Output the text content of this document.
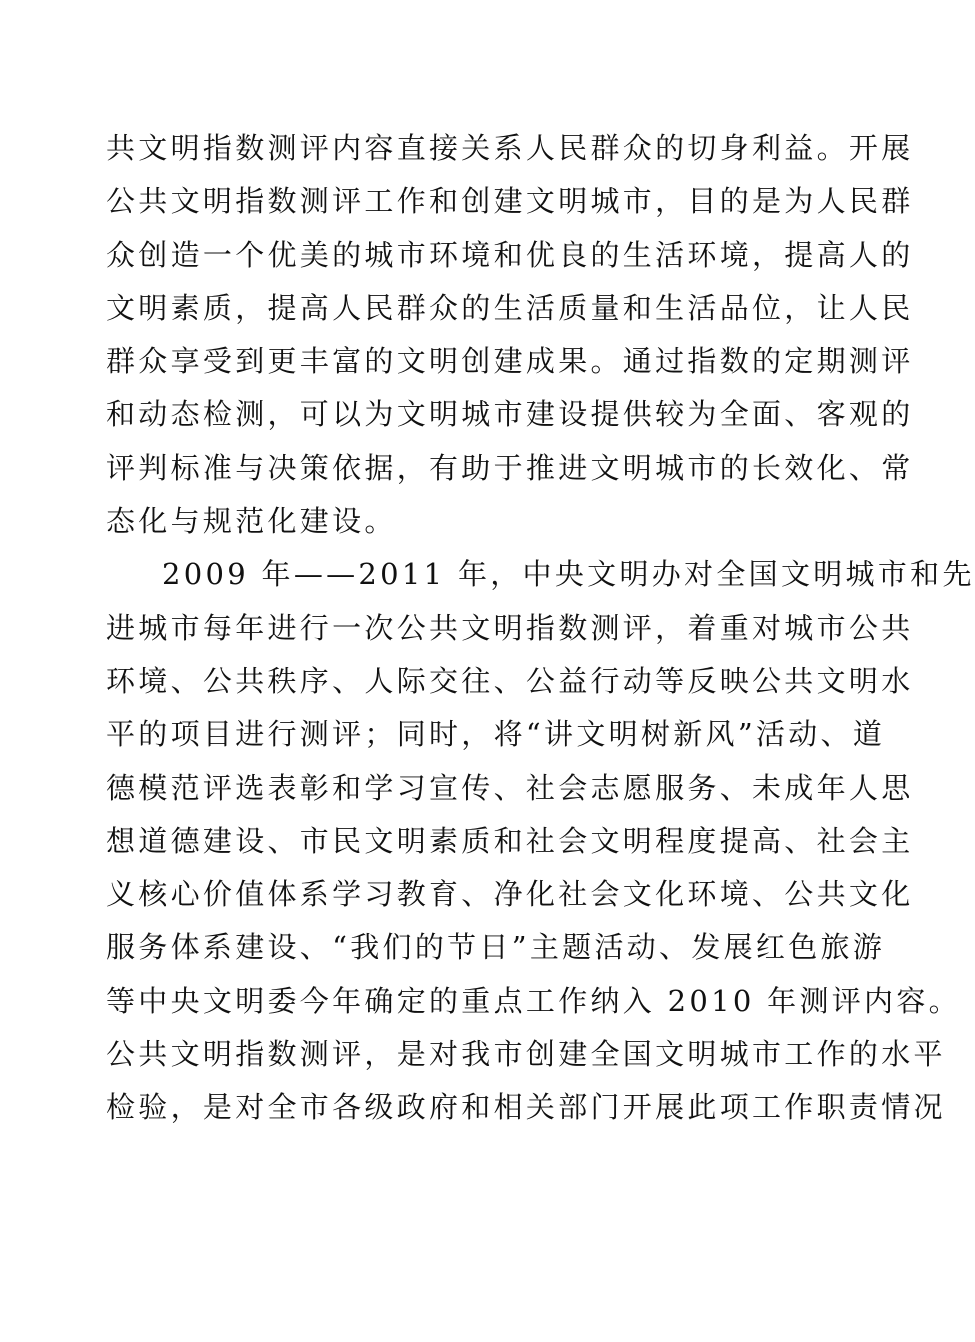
共文明指数测评内容直接关系人民群众的切身利益。开展
公共文明指数测评工作和创建文明城市，目的是为人民群
众创造一个优美的城市环境和优良的生活环境，提高人的
文明素质，提高人民群众的生活质量和生活品位，让人民
群众享受到更丰富的文明创建成果。通过指数的定期测评
和动态检测，可以为文明城市建设提供较为全面、客观的
评判标准与决策依据，有助于推进文明城市的长效化、常
态化与规范化建设。
2009 年——2011 年，中央文明办对全国文明城市和先
进城市每年进行一次公共文明指数测评，着重对城市公共
环境、公共秩序、人际交往、公益行动等反映公共文明水
平的项目进行测评；同时，将“讲文明树新风”活动、道
德模范评选表彰和学习宣传、社会志愿服务、未成年人思
想道德建设、市民文明素质和社会文明程度提高、社会主
义核心价值体系学习教育、净化社会文化环境、公共文化
服务体系建设、“我们的节日”主题活动、发展红色旅游
等中央文明委今年确定的重点工作纳入 2010 年测评内容。
公共文明指数测评，是对我市创建全国文明城市工作的水平
检验，是对全市各级政府和相关部门开展此项工作职责情况
